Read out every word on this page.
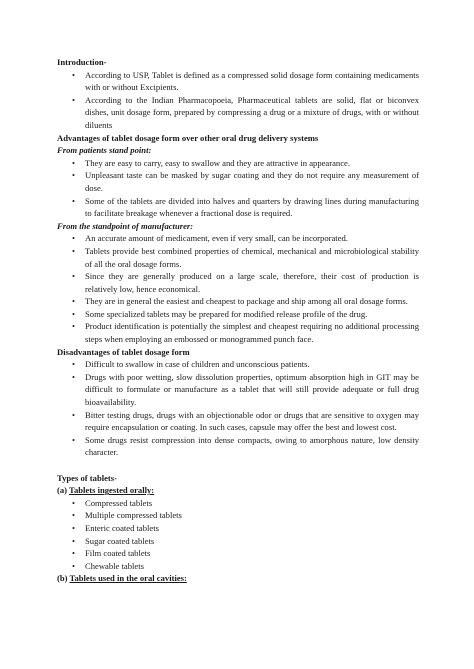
Introduction-
• According to USP, Tablet is defined as a compressed solid dosage form containing medicaments with or without Excipients.
• According to the Indian Pharmacopoeia, Pharmaceutical tablets are solid, flat or biconvex dishes, unit dosage form, prepared by compressing a drug or a mixture of drugs, with or without diluents
Advantages of tablet dosage form over other oral drug delivery systems
From patients stand point:
• They are easy to carry, easy to swallow and they are attractive in appearance.
• Unpleasant taste can be masked by sugar coating and they do not require any measurement of dose.
• Some of the tablets are divided into halves and quarters by drawing lines during manufacturing to facilitate breakage whenever a fractional dose is required.
From the standpoint of manufacturer:
• An accurate amount of medicament, even if very small, can be incorporated.
• Tablets provide best combined properties of chemical, mechanical and microbiological stability of all the oral dosage forms.
• Since they are generally produced on a large scale, therefore, their cost of production is relatively low, hence economical.
• They are in general the easiest and cheapest to package and ship among all oral dosage forms.
• Some specialized tablets may be prepared for modified release profile of the drug.
• Product identification is potentially the simplest and cheapest requiring no additional processing steps when employing an embossed or monogrammed punch face.
Disadvantages of tablet dosage form
• Difficult to swallow in case of children and unconscious patients.
• Drugs with poor wetting, slow dissolution properties, optimum absorption high in GIT may be difficult to formulate or manufacture as a tablet that will still provide adequate or full drug bioavailability.
• Bitter testing drugs, drugs with an objectionable odor or drugs that are sensitive to oxygen may require encapsulation or coating. In such cases, capsule may offer the best and lowest cost.
• Some drugs resist compression into dense compacts, owing to amorphous nature, low density character.
Types of tablets-
(a) Tablets ingested orally:
• Compressed tablets
• Multiple compressed tablets
• Enteric coated tablets
• Sugar coated tablets
• Film coated tablets
• Chewable tablets
(b) Tablets used in the oral cavities:
